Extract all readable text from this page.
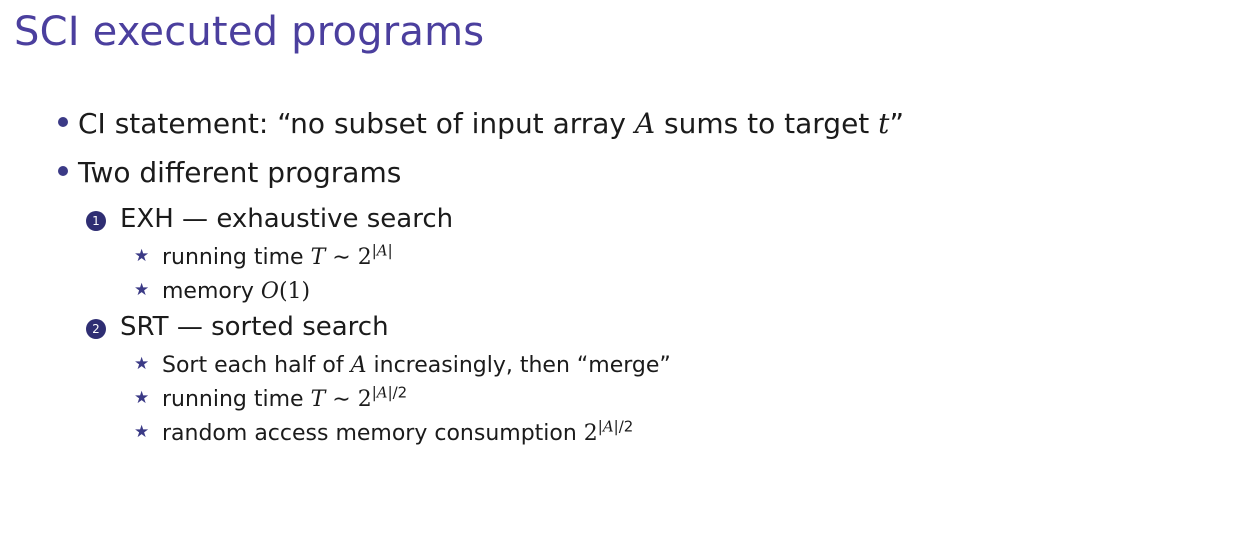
SCI executed programs
CI statement: “no subset of input array A sums to target t”
Two different programs
1 EXH — exhaustive search
★ running time T ∼ $2^{|A|}$
★ memory O(1)
2 SRT — sorted search
★ Sort each half of A increasingly, then “merge”
★ running time T ∼ $2^{|A|/2}$
★ random access memory consumption $2^{|A|/2}$
